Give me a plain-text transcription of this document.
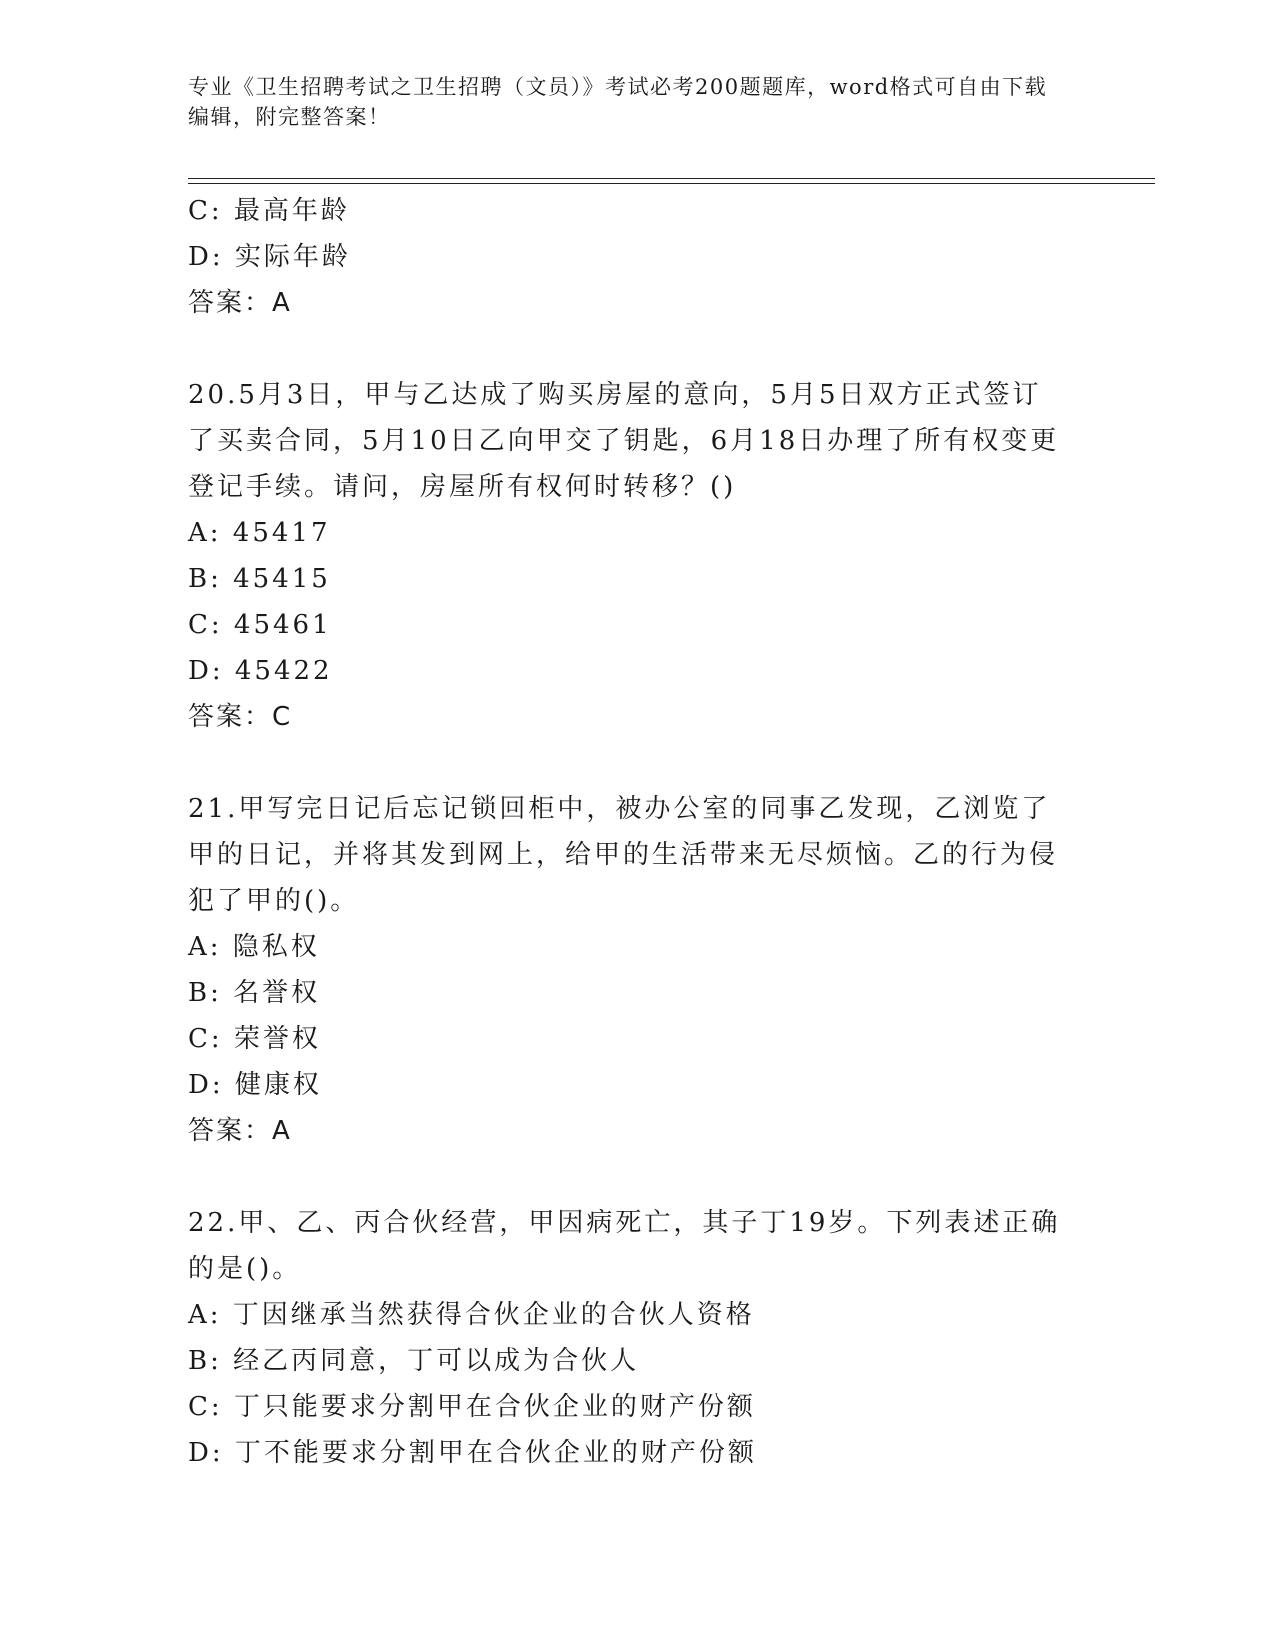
专业《卫生招聘考试之卫生招聘（文员）》考试必考200题题库，word格式可自由下载编辑，附完整答案！
C: 最高年龄
D: 实际年龄
答案：A
20.5月3日，甲与乙达成了购买房屋的意向，5月5日双方正式签订了买卖合同，5月10日乙向甲交了钥匙，6月18日办理了所有权变更登记手续。请问，房屋所有权何时转移？()
A: 45417
B: 45415
C: 45461
D: 45422
答案：C
21.甲写完日记后忘记锁回柜中，被办公室的同事乙发现，乙浏览了甲的日记，并将其发到网上，给甲的生活带来无尽烦恼。乙的行为侵犯了甲的()。
A: 隐私权
B: 名誉权
C: 荣誉权
D: 健康权
答案：A
22.甲、乙、丙合伙经营，甲因病死亡，其子丁19岁。下列表述正确的是()。
A: 丁因继承当然获得合伙企业的合伙人资格
B: 经乙丙同意，丁可以成为合伙人
C: 丁只能要求分割甲在合伙企业的财产份额
D: 丁不能要求分割甲在合伙企业的财产份额
